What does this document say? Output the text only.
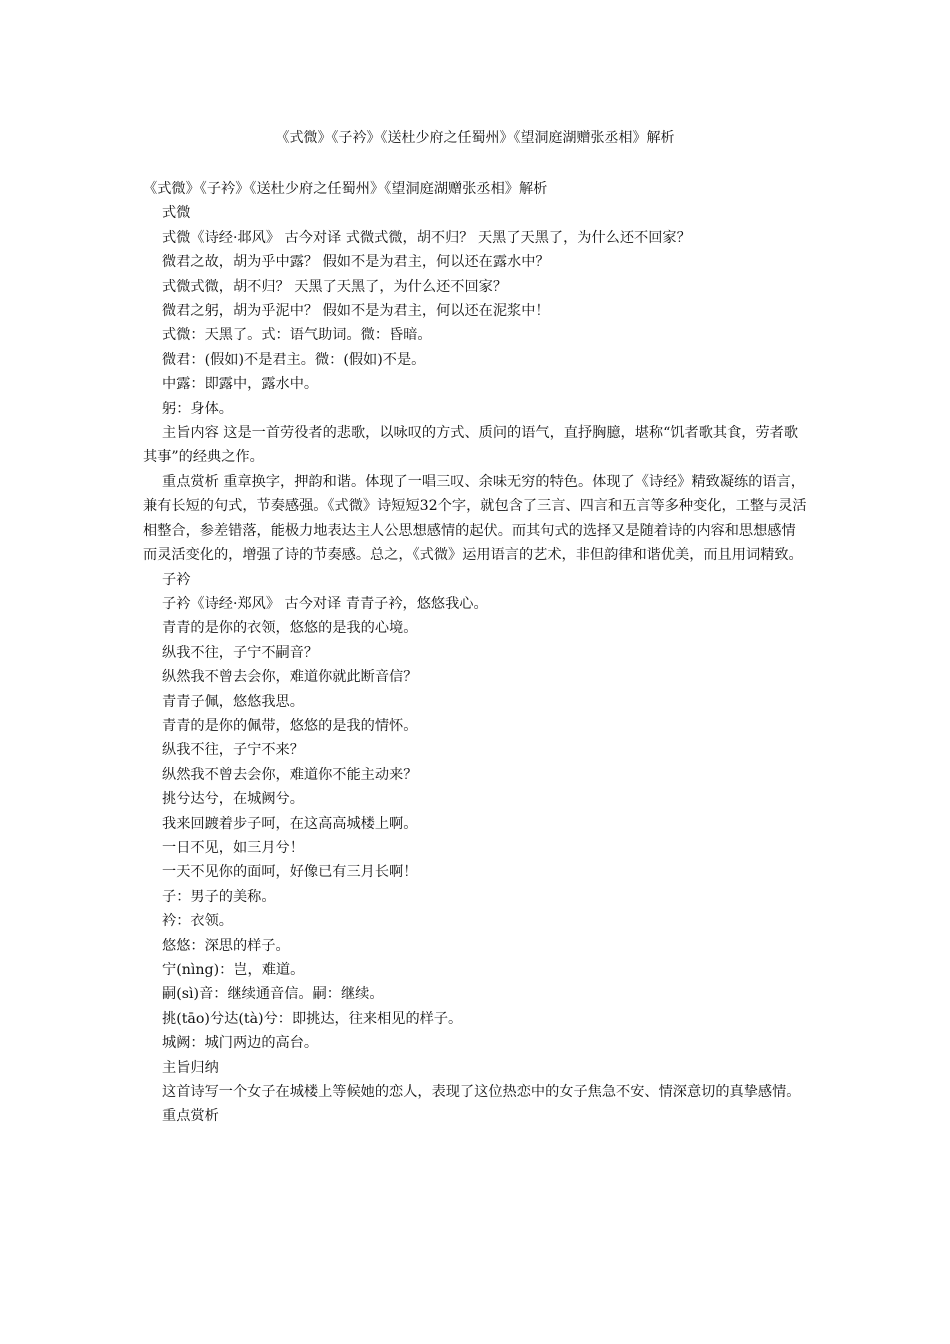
《式微》《子衿》《送杜少府之任蜀州》《望洞庭湖赠张丞相》解析

《式微》《子衿》《送杜少府之任蜀州》《望洞庭湖赠张丞相》解析

式微

式微《诗经·邶风》 古今对译 式微式微，胡不归？ 天黑了天黑了，为什么还不回家？

微君之故，胡为乎中露？ 假如不是为君主，何以还在露水中？

式微式微，胡不归？ 天黑了天黑了，为什么还不回家？

微君之躬，胡为乎泥中？ 假如不是为君主，何以还在泥浆中！

式微：天黑了。式：语气助词。微：昏暗。

微君：(假如)不是君主。微：(假如)不是。

中露：即露中，露水中。

躬：身体。

主旨内容 这是一首劳役者的悲歌，以咏叹的方式、质问的语气，直抒胸臆，堪称“饥者歌其食，劳者歌其事”的经典之作。

重点赏析 重章换字，押韵和谐。体现了一唱三叹、余味无穷的特色。体现了《诗经》精致凝练的语言，兼有长短的句式，节奏感强。《式微》诗短短32个字，就包含了三言、四言和五言等多种变化，工整与灵活相整合，参差错落，能极力地表达主人公思想感情的起伏。而其句式的选择又是随着诗的内容和思想感情而灵活变化的，增强了诗的节奏感。总之，《式微》运用语言的艺术，非但韵律和谐优美，而且用词精致。

子衿

子衿《诗经·郑风》 古今对译 青青子衿，悠悠我心。

青青的是你的衣领，悠悠的是我的心境。

纵我不往，子宁不嗣音？

纵然我不曾去会你，难道你就此断音信？

青青子佩，悠悠我思。

青青的是你的佩带，悠悠的是我的情怀。

纵我不往，子宁不来？

纵然我不曾去会你，难道你不能主动来？

挑兮达兮，在城阙兮。

我来回踱着步子呵，在这高高城楼上啊。

一日不见，如三月兮！

一天不见你的面呵，好像已有三月长啊！

子：男子的美称。

衿：衣领。

悠悠：深思的样子。

宁(nìng)：岂，难道。

嗣(sì)音：继续通音信。嗣：继续。

挑(tāo)兮达(tà)兮：即挑达，往来相见的样子。

城阙：城门两边的高台。

主旨归纳

这首诗写一个女子在城楼上等候她的恋人，表现了这位热恋中的女子焦急不安、情深意切的真挚感情。

重点赏析
